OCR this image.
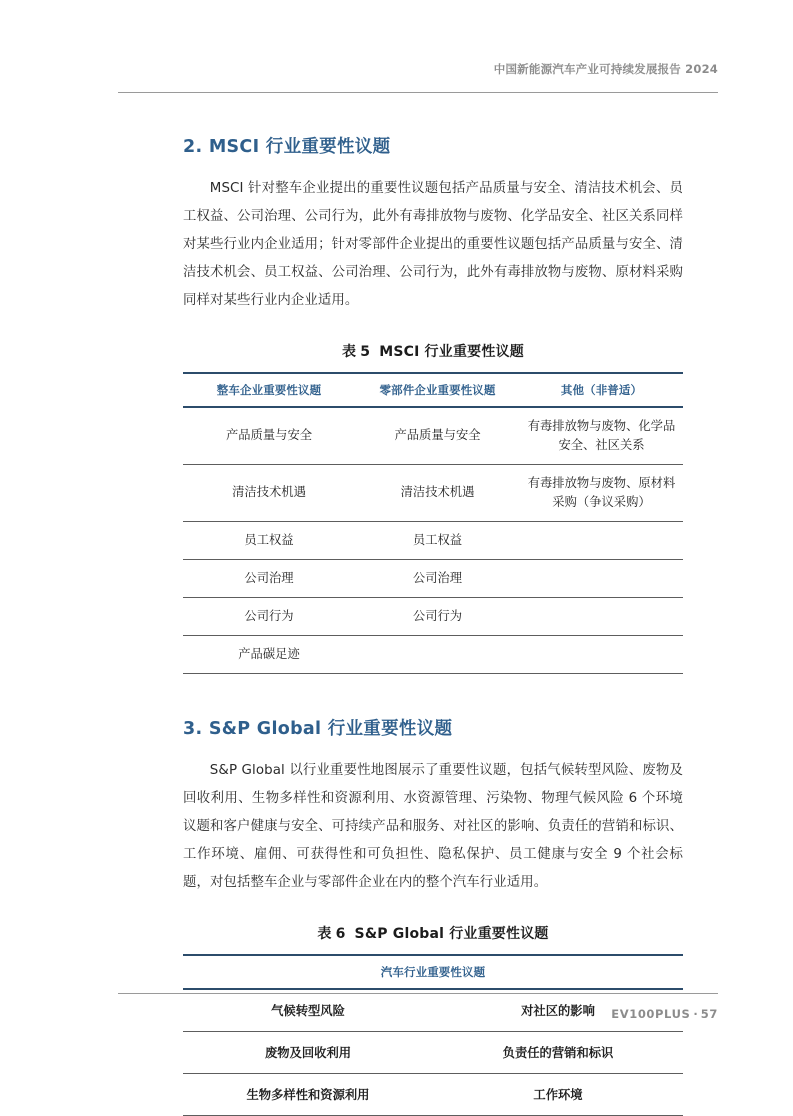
中国新能源汽车产业可持续发展报告 2024
2. MSCI 行业重要性议题

MSCI 针对整车企业提出的重要性议题包括产品质量与安全、清洁技术机会、员工权益、公司治理、公司行为，此外有毒排放物与废物、化学品安全、社区关系同样对某些行业内企业适用；针对零部件企业提出的重要性议题包括产品质量与安全、清洁技术机会、员工权益、公司治理、公司行为，此外有毒排放物与废物、原材料采购同样对某些行业内企业适用。

表 5 MSCI 行业重要性议题
整车企业重要性议题	零部件企业重要性议题	其他（非普适）
产品质量与安全	产品质量与安全	有毒排放物与废物、化学品安全、社区关系
清洁技术机遇	清洁技术机遇	有毒排放物与废物、原材料采购（争议采购）
员工权益	员工权益	
公司治理	公司治理	
公司行为	公司行为	
产品碳足迹		
3. S&P Global 行业重要性议题

S&P Global 以行业重要性地图展示了重要性议题，包括气候转型风险、废物及回收利用、生物多样性和资源利用、水资源管理、污染物、物理气候风险 6 个环境议题和客户健康与安全、可持续产品和服务、对社区的影响、负责任的营销和标识、工作环境、雇佣、可获得性和可负担性、隐私保护、员工健康与安全 9 个社会标题，对包括整车企业与零部件企业在内的整个汽车行业适用。

表 6 S&P Global 行业重要性议题
汽车行业重要性议题	
气候转型风险	对社区的影响
废物及回收利用	负责任的营销和标识
生物多样性和资源利用	工作环境
EV100PLUS · 57
